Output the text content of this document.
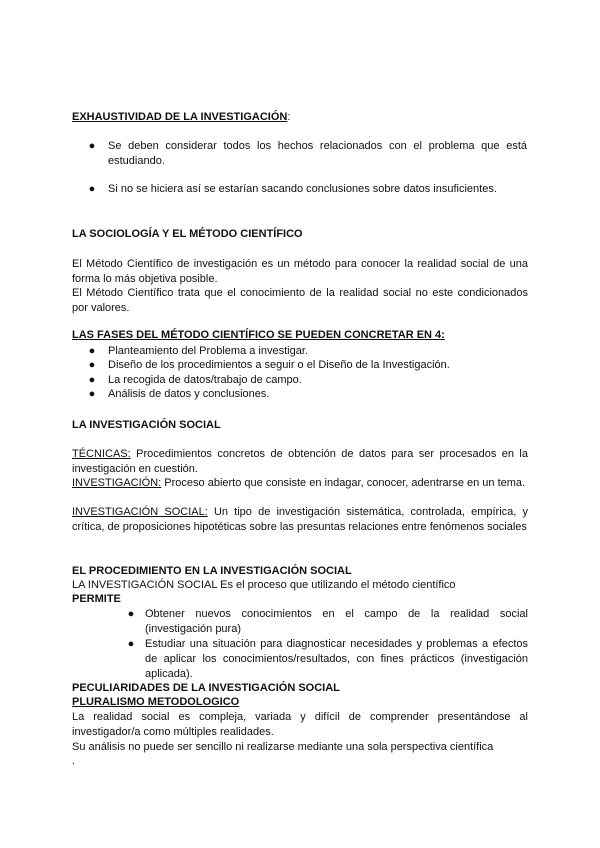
EXHAUSTIVIDAD DE LA INVESTIGACIÓN:
● Se deben considerar todos los hechos relacionados con el problema que está estudiando.
● Si no se hiciera así se estarían sacando conclusiones sobre datos insuficientes.
LA SOCIOLOGÍA Y EL MÉTODO CIENTÍFICO
El Método Científico de investigación es un método para conocer la realidad social de una forma lo más objetiva posible.
El Método Científico trata que el conocimiento de la realidad social no este condicionados por valores.
LAS FASES DEL MÉTODO CIENTÍFICO SE PUEDEN CONCRETAR EN 4:
● Planteamiento del Problema a investigar.
● Diseño de los procedimientos a seguir o el Diseño de la Investigación.
● La recogida de datos/trabajo de campo.
● Análisis de datos y conclusiones.
LA INVESTIGACIÓN SOCIAL
TÉCNICAS: Procedimientos concretos de obtención de datos para ser procesados en la investigación en cuestión.
INVESTIGACIÓN: Proceso abierto que consiste en indagar, conocer, adentrarse en un tema.
INVESTIGACIÓN SOCIAL: Un tipo de investigación sistemática, controlada, empírica, y crítica, de proposiciones hipotéticas sobre las presuntas relaciones entre fenómenos sociales
EL PROCEDIMIENTO EN LA INVESTIGACIÓN SOCIAL
LA INVESTIGACIÓN SOCIAL Es el proceso que utilizando el método científico
PERMITE
● Obtener nuevos conocimientos en el campo de la realidad social (investigación pura)
● Estudiar una situación para diagnosticar necesidades y problemas a efectos de aplicar los conocimientos/resultados, con fines prácticos (investigación aplicada).
PECULIARIDADES DE LA INVESTIGACIÓN SOCIAL
PLURALISMO METODOLOGICO
La realidad social es compleja, variada y difícil de comprender presentándose al investigador/a como múltiples realidades.
Su análisis no puede ser sencillo ni realizarse mediante una sola perspectiva científica
.
